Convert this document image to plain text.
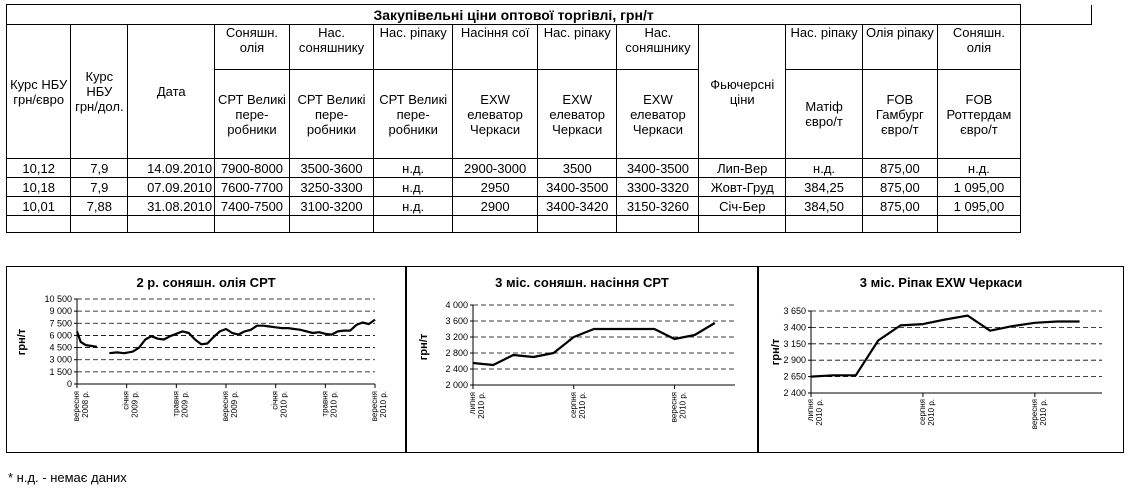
Закупівельні ціни оптової торгівлі, грн/т													
Курс НБУ грн/євро	Курс НБУ грн/дол.	Дата	Соняшн. олія	Нас. соняшнику	Нас. ріпаку	Насіння сої	Нас. ріпаку	Нас. соняшнику	Фьючерсні ціни	Нас. ріпаку	Олія ріпаку	Соняшн. олія	
			СРТ Великі пере-робники	СРТ Великі пере-робники	СРТ Великі пере-робники	EXW елеватор Черкаси	EXW елеватор Черкаси	EXW елеватор Черкаси		Матіф євро/т	FOB Гамбург євро/т	FOB Роттердам євро/т	
10,12	7,9	14.09.2010	7900-8000	3500-3600	н.д.	2900-3000	3500	3400-3500	Лип-Вер	н.д.	875,00	н.д.	
10,18	7,9	07.09.2010	7600-7700	3250-3300	н.д.	2950	3400-3500	3300-3320	Жовт-Груд	384,25	875,00	1 095,00	
10,01	7,88	31.08.2010	7400-7500	3100-3200	н.д.	2900	3400-3420	3150-3260	Січ-Бер	384,50	875,00	1 095,00	

2 р. соняшн. олія СРТ
0
1 500
3 000
4 500
6 000
7 500
9 000
10 500
вересня2008 р.	січня2009 р.	травня2009 р.	вересня2009 р.	січня2010 р.	травня2010 р.	вересня2010 р.
грн/т
3 міс. соняшн. насіння СРТ
2 000
2 400
2 800
3 200
3 600
4 000
липня2010 р.	серпня2010 р.	вересня2010 р.
грн/т
3 міс. Ріпак EXW Черкаси
2 400
2 650
2 900
3 150
3 400
3 650
липня2010 р.	серпня2010 р.	вересня2010 р.
грн/т
* н.д. - немає даних
